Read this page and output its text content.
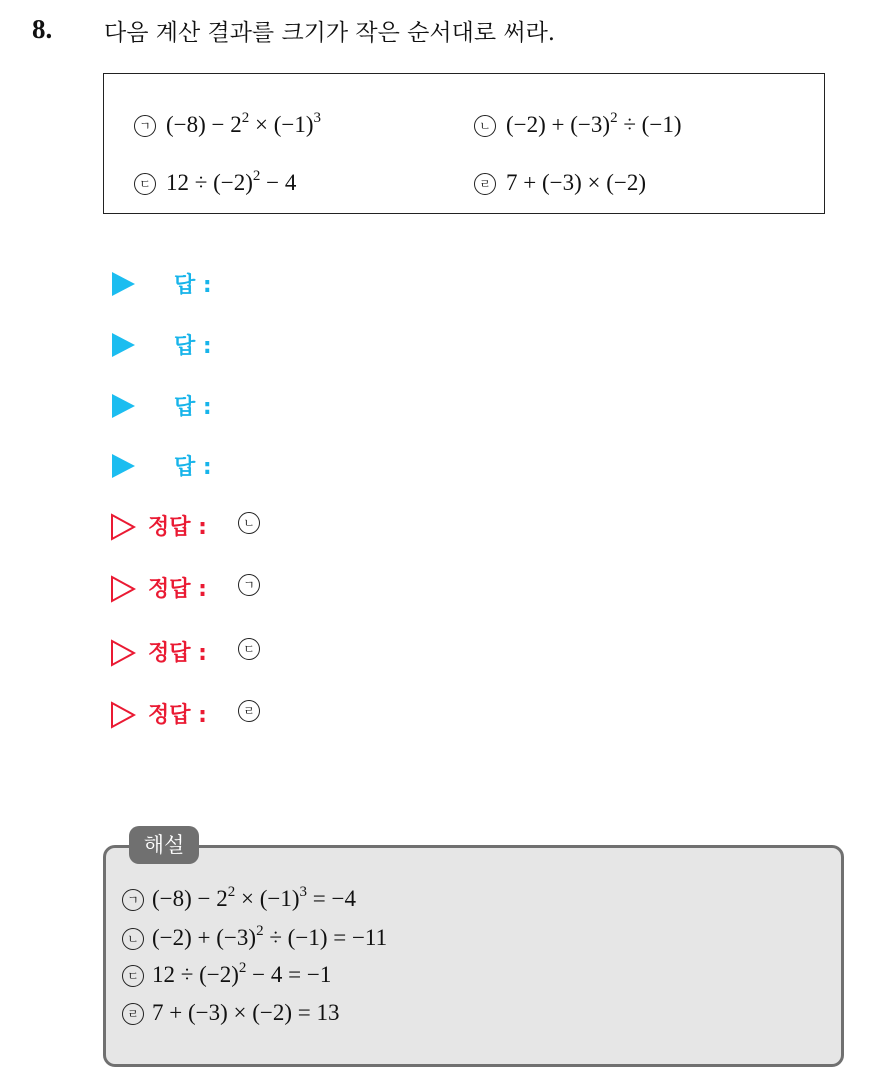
8. 다음 계산 결과를 크기가 작은 순서대로 써라.
ㄱ $(-8) - 2^2 \times (-1)^3$	ㄴ $(-2) + (-3)^2 \div (-1)$
ㄷ $12 \div (-2)^2 - 4$	ㄹ 7 + (−3) × (−2)
답 :
답 :
답 :
답 :
정답 :	ㄴ
정답 :	ㄱ
정답 :	ㄷ
정답 :	ㄹ
해설
ㄱ $(-8) - 2^2 \times (-1)^3 = -4$
ㄴ $(-2) + (-3)^2 \div (-1) = -11$
ㄷ $12 \div (-2)^2 - 4 = -1$
ㄹ 7 + (−3) × (−2) = 13
